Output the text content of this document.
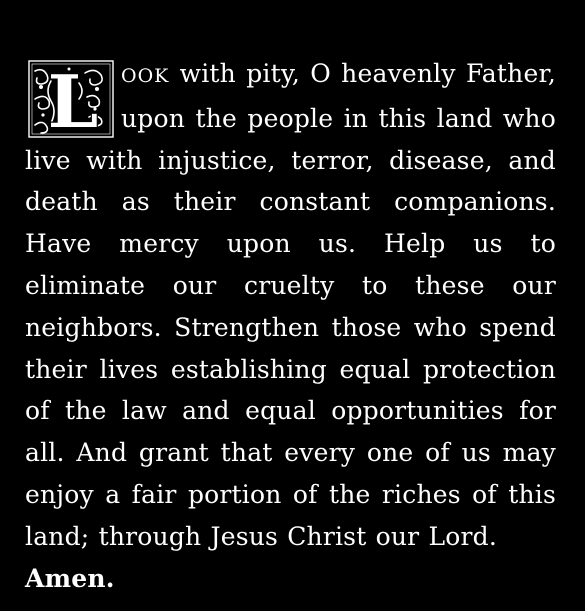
L OOK with pity, O heavenly Father, upon the people in this land who live with injustice, terror, disease, and death as their constant companions. Have mercy upon us. Help us to eliminate our cruelty to these our neighbors. Strengthen those who spend their lives establishing equal protection of the law and equal opportunities for all. And grant that every one of us may enjoy a fair portion of the riches of this land; through Jesus Christ our Lord.
Amen.
